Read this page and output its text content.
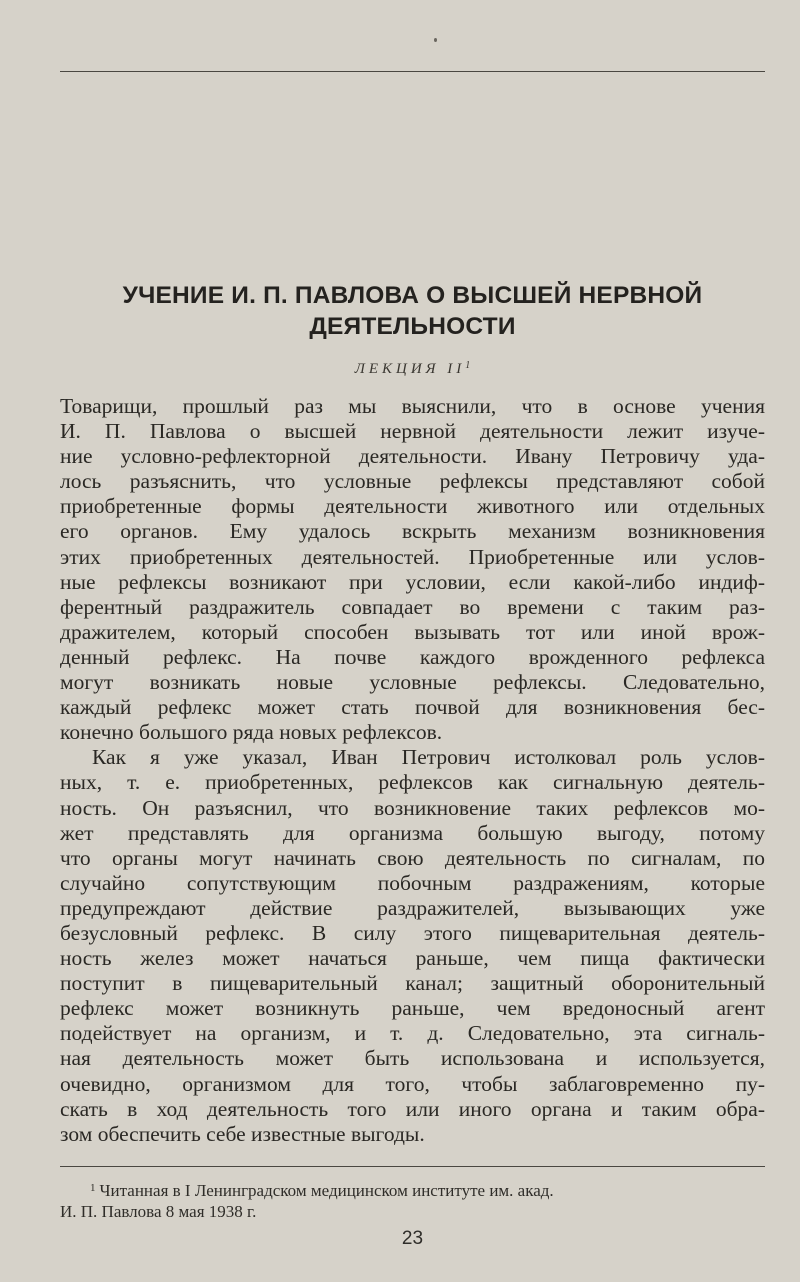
УЧЕНИЕ И. П. ПАВЛОВА О ВЫСШЕЙ НЕРВНОЙ ДЕЯТЕЛЬНОСТИ
ЛЕКЦИЯ $II^1$
Товарищи, прошлый раз мы выяснили, что в основе учения
И. П. Павлова о высшей нервной деятельности лежит изуче-
ние условно-рефлекторной деятельности. Ивану Петровичу уда-
лось разъяснить, что условные рефлексы представляют собой
приобретенные формы деятельности животного или отдельных
его органов. Ему удалось вскрыть механизм возникновения
этих приобретенных деятельностей. Приобретенные или услов-
ные рефлексы возникают при условии, если какой-либо индиф-
ферентный раздражитель совпадает во времени с таким раз-
дражителем, который способен вызывать тот или иной врож-
денный рефлекс. На почве каждого врожденного рефлекса
могут возникать новые условные рефлексы. Следовательно,
каждый рефлекс может стать почвой для возникновения бес-
конечно большого ряда новых рефлексов.
Как я уже указал, Иван Петрович истолковал роль услов-
ных, т. е. приобретенных, рефлексов как сигнальную деятель-
ность. Он разъяснил, что возникновение таких рефлексов мо-
жет представлять для организма большую выгоду, потому
что органы могут начинать свою деятельность по сигналам, по
случайно сопутствующим побочным раздражениям, которые
предупреждают действие раздражителей, вызывающих уже
безусловный рефлекс. В силу этого пищеварительная деятель-
ность желез может начаться раньше, чем пища фактически
поступит в пищеварительный канал; защитный оборонительный
рефлекс может возникнуть раньше, чем вредоносный агент
подействует на организм, и т. д. Следовательно, эта сигналь-
ная деятельность может быть использована и используется,
очевидно, организмом для того, чтобы заблаговременно пу-
скать в ход деятельность того или иного органа и таким обра-
зом обеспечить себе известные выгоды.
$^1$ Читанная в I Ленинградском медицинском институте им. акад.
И. П. Павлова 8 мая 1938 г.
23
